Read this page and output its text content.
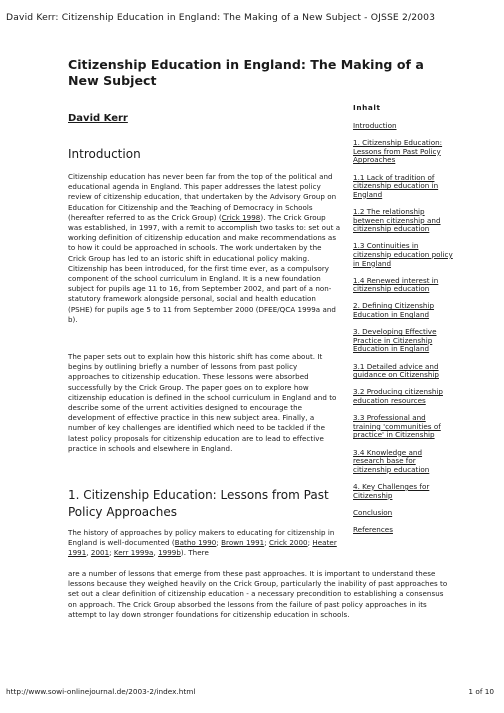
David Kerr: Citizenship Education in England: The Making of a New Subject - OJSSE 2/2003
Citizenship Education in England: The Making of a New Subject
David Kerr
Introduction
Citizenship education has never been far from the top of the political and educational agenda in England. This paper addresses the latest policy review of citizenship education, that undertaken by the Advisory Group on Education for Citizenship and the Teaching of Democracy in Schools (hereafter referred to as the Crick Group) (Crick 1998). The Crick Group was established, in 1997, with a remit to accomplish two tasks to: set out a working definition of citizenship education and make recommendations as to how it could be approached in schools. The work undertaken by the Crick Group has led to an istoric shift in educational policy making. Citizenship has been introduced, for the first time ever, as a compulsory component of the school curriculum in England. It is a new foundation subject for pupils age 11 to 16, from September 2002, and part of a non-statutory framework alongside personal, social and health education (PSHE) for pupils age 5 to 11 from September 2000 (DFEE/QCA 1999a and b).
The paper sets out to explain how this historic shift has come about. It begins by outlining briefly a number of lessons from past policy approaches to citizenship education. These lessons were absorbed successfully by the Crick Group. The paper goes on to explore how citizenship education is defined in the school curriculum in England and to describe some of the urrent activities designed to encourage the development of effective practice in this new subject area. Finally, a number of key challenges are identified which need to be tackled if the latest policy proposals for citizenship education are to lead to effective practice in schools and elsewhere in England.
1. Citizenship Education: Lessons from Past Policy Approaches
The history of approaches by policy makers to educating for citizenship in England is well-documented (Batho 1990; Brown 1991; Crick 2000; Heater 1991, 2001; Kerr 1999a, 1999b). There
are a number of lessons that emerge from these past approaches. It is important to understand these lessons because they weighed heavily on the Crick Group, particularly the inability of past approaches to set out a clear definition of citizenship education - a necessary precondition to establishing a consensus on approach. The Crick Group absorbed the lessons from the failure of past policy approaches in its attempt to lay down stronger foundations for citizenship education in schools.
Inhalt
Introduction
1. Citizenship Education: Lessons from Past Policy Approaches
1.1 Lack of tradition of citizenship education in England
1.2 The relationship between citizenship and citizenship education
1.3 Continuities in citizenship education policy in England
1.4 Renewed interest in citizenship education
2. Defining Citizenship Education in England
3. Developing Effective Practice in Citizenship Education in England
3.1 Detailed advice and guidance on Citizenship
3.2 Producing citizenship education resources
3.3 Professional and training 'communities of practice' in Citizenship
3.4 Knowledge and research base for citizenship education
4. Key Challenges for Citizenship
Conclusion
References
http://www.sowi-onlinejournal.de/2003-2/index.html	1 of 10
